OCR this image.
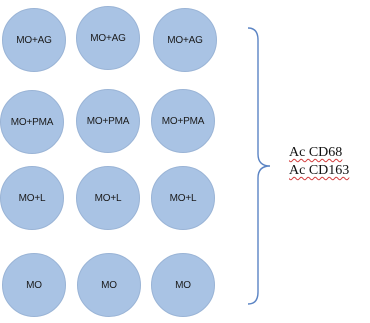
MO+AG	MO+AG	MO+AG
MO+PMA	MO+PMA	MO+PMA
MO+L	MO+L	MO+L
MO	MO	MO
Ac CD68
Ac CD163
